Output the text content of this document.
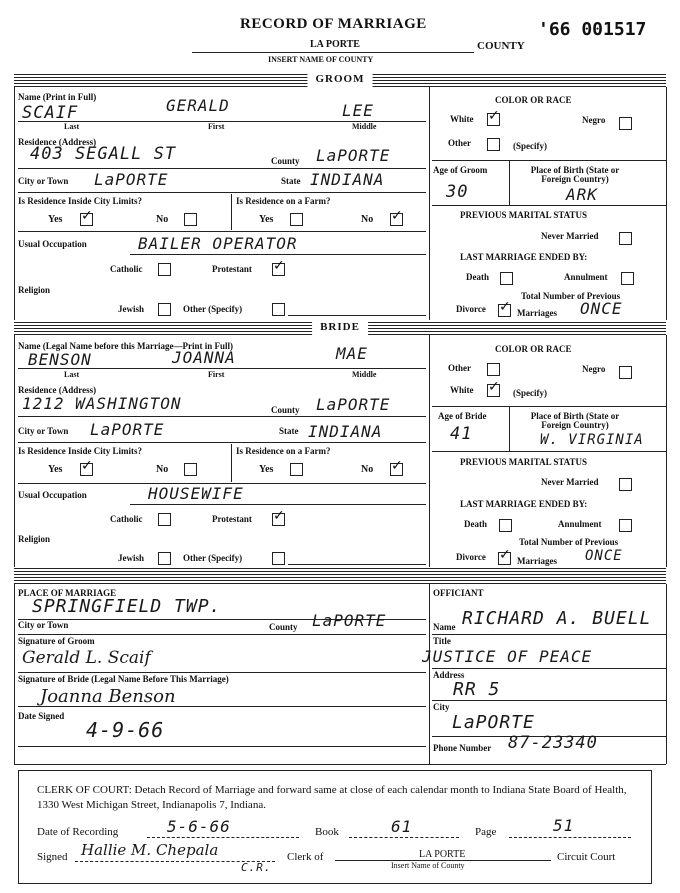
RECORD OF MARRIAGE	'66 001517
LA PORTE	COUNTY
INSERT NAME OF COUNTY
GROOM
Name (Print in Full)
SCAIF	GERALD	LEE
Last	First	Middle
Residence (Address)
403 SEGALL ST	County LaPORTE
City or Town LaPORTE	State INDIANA
Is Residence Inside City Limits?	Is Residence on a Farm?
Yes ✓	No	Yes	No ✓
Usual Occupation	BAILER OPERATOR
Catholic	Protestant ✓
Religion
Jewish	Other (Specify)
COLOR OR RACE
White ✓	Negro
Other	(Specify)
Age of Groom
30
Place of Birth (State or Foreign Country)
ARK
PREVIOUS MARITAL STATUS
Never Married
LAST MARRIAGE ENDED BY:
Death	Annulment
Total Number of Previous
Divorce ✓ Marriages ONCE
BRIDE
Name (Legal Name before this Marriage—Print in Full)
BENSON	JOANNA	MAE
Last	First	Middle
Residence (Address)
1212 WASHINGTON	County LaPORTE
City or Town LaPORTE	State INDIANA
Is Residence Inside City Limits?	Is Residence on a Farm?
Yes ✓	No	Yes	No ✓
Usual Occupation	HOUSEWIFE
Catholic	Protestant ✓
Religion
Jewish	Other (Specify)
COLOR OR RACE
Other	Negro
White ✓ (Specify)
Age of Bride
41
Place of Birth (State or Foreign Country)
W. VIRGINIA
PREVIOUS MARITAL STATUS
Never Married
LAST MARRIAGE ENDED BY:
Death	Annulment
Total Number of Previous
Divorce ✓ Marriages ONCE
PLACE OF MARRIAGE
SPRINGFIELD TWP.
City or Town	County LaPORTE
Signature of Groom
Gerald L. Scaif
Signature of Bride (Legal Name Before This Marriage)
Joanna Benson
Date Signed
4-9-66
OFFICIANT
Name RICHARD A. BUELL
Title
JUSTICE OF PEACE
Address
RR 5
City
LaPORTE
Phone Number 87-23340
CLERK OF COURT: Detach Record of Marriage and forward same at close of each calendar month to Indiana State Board of Health, 1330 West Michigan Street, Indianapolis 7, Indiana.
Date of Recording	5-6-66	Book	61	Page	51
Signed Hallie M. Chepala
C.R.
Clerk of	LA PORTE
Insert Name of County
Circuit Court
